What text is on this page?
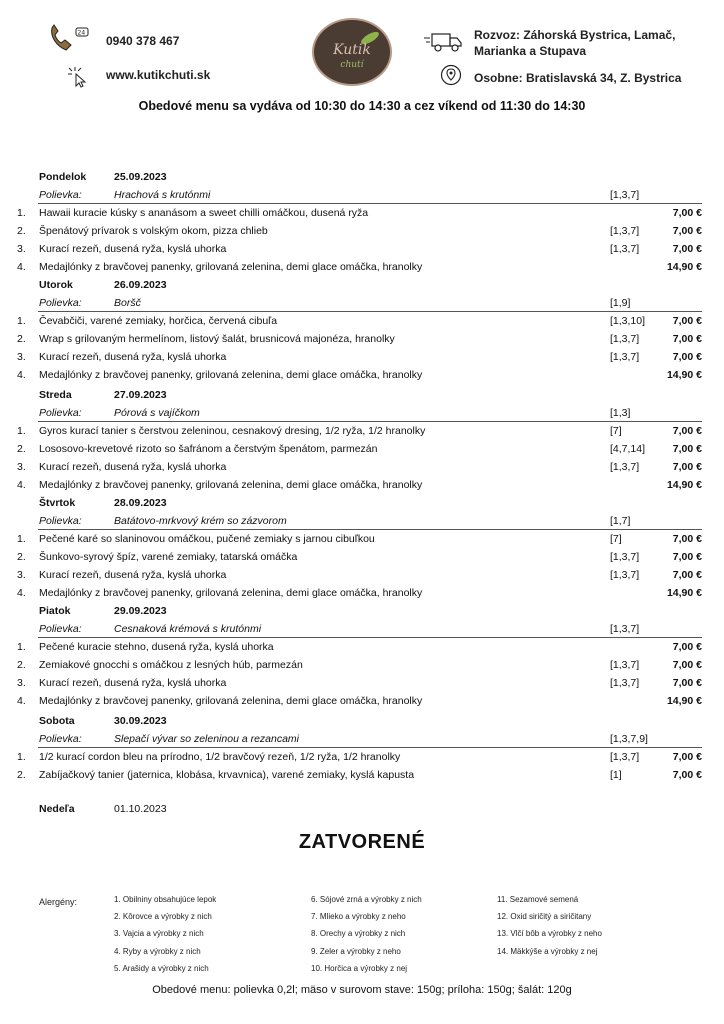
24
0940 378 467
www.kutikchuti.sk
Kutik
chutí
Rozvoz: Záhorská Bystrica, Lamač,
Marianka a Stupava
Osobne: Bratislavská 34, Z. Bystrica
Obedové menu sa vydáva od 10:30 do 14:30 a cez víkend od 11:30 do 14:30
Pondelok	25.09.2023
Polievka:	Hrachová s krutónmi	[1,3,7]
1. Hawaii kuracie kúsky s ananásom a sweet chilli omáčkou, dusená ryža	7,00 €
2. Špenátový prívarok s volským okom, pizza chlieb	[1,3,7]	7,00 €
3. Kurací rezeň, dusená ryža, kyslá uhorka	[1,3,7]	7,00 €
4. Medajlónky z bravčovej panenky, grilovaná zelenina, demi glace omáčka, hranolky	14,90 €
Utorok	26.09.2023
Polievka:	Boršč	[1,9]
1. Čevabčiči, varené zemiaky, horčica, červená cibuľa	[1,3,10]	7,00 €
2. Wrap s grilovaným hermelínom, listový šalát, brusnicová majonéza, hranolky	[1,3,7]	7,00 €
3. Kurací rezeň, dusená ryža, kyslá uhorka	[1,3,7]	7,00 €
4. Medajlónky z bravčovej panenky, grilovaná zelenina, demi glace omáčka, hranolky	14,90 €
Streda	27.09.2023
Polievka:	Pórová s vajíčkom	[1,3]
1. Gyros kurací tanier s čerstvou zeleninou, cesnakový dresing, 1/2 ryža, 1/2 hranolky	[7]	7,00 €
2. Lososovo-krevetové rizoto so šafránom a čerstvým špenátom, parmezán	[4,7,14]	7,00 €
3. Kurací rezeň, dusená ryža, kyslá uhorka	[1,3,7]	7,00 €
4. Medajlónky z bravčovej panenky, grilovaná zelenina, demi glace omáčka, hranolky	14,90 €
Štvrtok	28.09.2023
Polievka:	Batátovo-mrkvový krém so zázvorom	[1,7]
1. Pečené karé so slaninovou omáčkou, pučené zemiaky s jarnou cibuľkou	[7]	7,00 €
2. Šunkovo-syrový špíz, varené zemiaky, tatarská omáčka	[1,3,7]	7,00 €
3. Kurací rezeň, dusená ryža, kyslá uhorka	[1,3,7]	7,00 €
4. Medajlónky z bravčovej panenky, grilovaná zelenina, demi glace omáčka, hranolky	14,90 €
Piatok	29.09.2023
Polievka:	Cesnaková krémová s krutónmi	[1,3,7]
1. Pečené kuracie stehno, dusená ryža, kyslá uhorka	7,00 €
2. Zemiakové gnocchi s omáčkou z lesných húb, parmezán	[1,3,7]	7,00 €
3. Kurací rezeň, dusená ryža, kyslá uhorka	[1,3,7]	7,00 €
4. Medajlónky z bravčovej panenky, grilovaná zelenina, demi glace omáčka, hranolky	14,90 €
Sobota	30.09.2023
Polievka:	Slepačí vývar so zeleninou a rezancami	[1,3,7,9]
1. 1/2 kurací cordon bleu na prírodno, 1/2 bravčový rezeň, 1/2 ryža, 1/2 hranolky	[1,3,7]	7,00 €
2. Zabíjačkový tanier (jaternica, klobása, krvavnica), varené zemiaky, kyslá kapusta	[1]	7,00 €
Nedeľa	01.10.2023
ZATVORENÉ
Alergény:	1. Obilniny obsahujúce lepok
2. Kôrovce a výrobky z nich
3. Vajcia a výrobky z nich
4. Ryby a výrobky z nich
5. Arašidy a výrobky z nich
6. Sójové zrná a výrobky z nich
7. Mlieko a výrobky z neho
8. Orechy a výrobky z nich
9. Zeler a výrobky z neho
10. Horčica a výrobky z nej
11. Sezamové semená
12. Oxid siričitý a siričitany
13. Vlčí bôb a výrobky z neho
14. Mäkkýše a výrobky z nej
Obedové menu: polievka 0,2l; mäso v surovom stave: 150g; príloha: 150g; šalát: 120g
